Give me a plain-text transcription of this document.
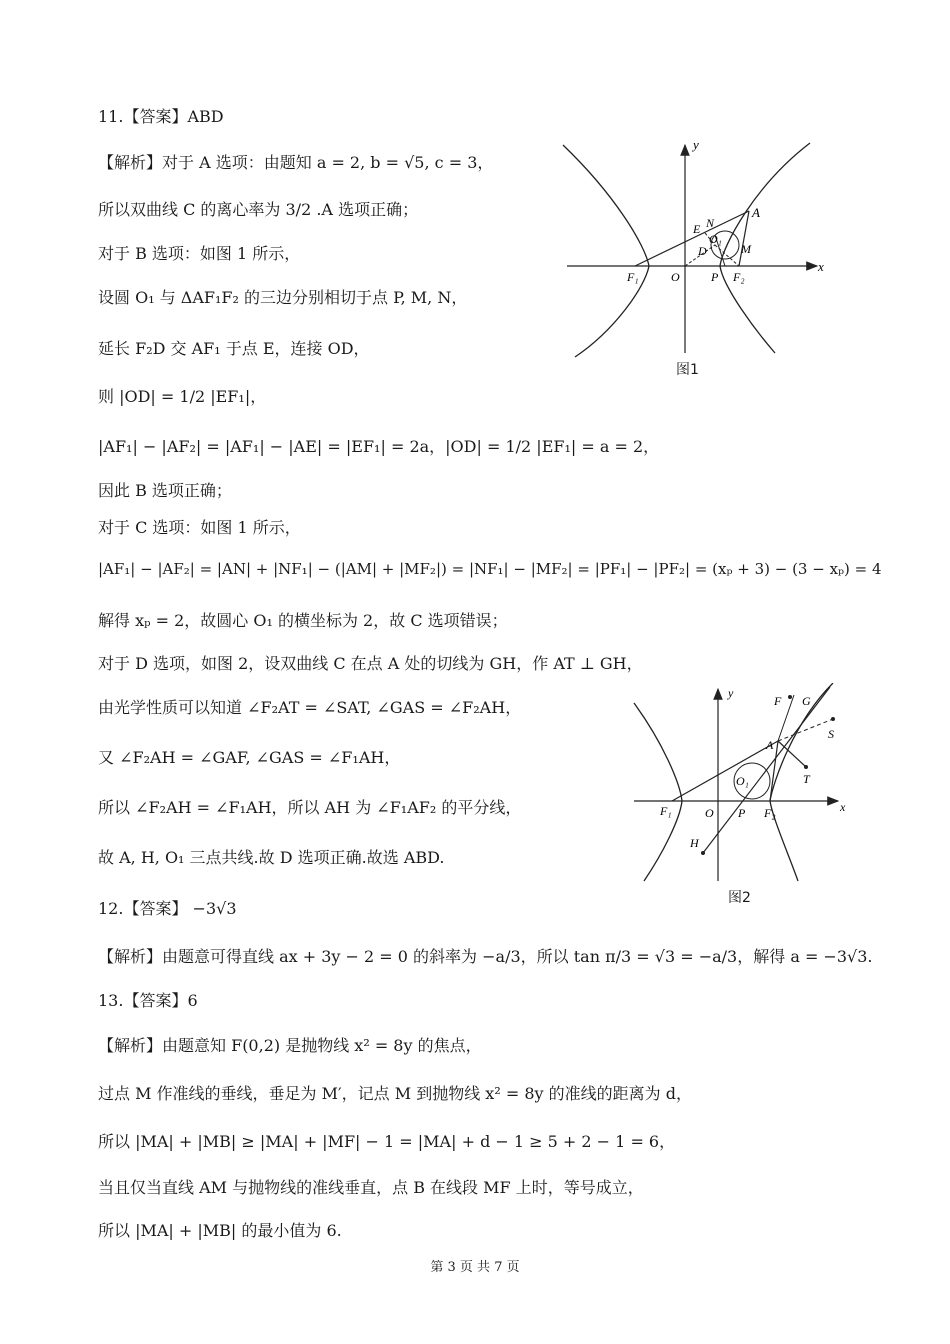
11.【答案】ABD
【解析】对于 A 选项：由题知 a = 2, b = √5, c = 3，
所以双曲线 C 的离心率为 3/2 .A 选项正确；
对于 B 选项：如图 1 所示，
设圆 O₁ 与 ΔAF₁F₂ 的三边分别相切于点 P, M, N，
延长 F₂D 交 AF₁ 于点 E，连接 OD，
则 |OD| = 1/2 |EF₁|，
|AF₁| − |AF₂| = |AF₁| − |AE| = |EF₁| = 2a，|OD| = 1/2 |EF₁| = a = 2，
因此 B 选项正确；
对于 C 选项：如图 1 所示，
|AF₁| − |AF₂| = |AN| + |NF₁| − (|AM| + |MF₂|) = |NF₁| − |MF₂| = |PF₁| − |PF₂| = (xₚ + 3) − (3 − xₚ) = 4
解得 xₚ = 2，故圆心 O₁ 的横坐标为 2，故 C 选项错误；
对于 D 选项，如图 2，设双曲线 C 在点 A 处的切线为 GH，作 AT ⊥ GH，
由光学性质可以知道 ∠F₂AT = ∠SAT, ∠GAS = ∠F₂AH，
又 ∠F₂AH = ∠GAF, ∠GAS = ∠F₁AH，
所以 ∠F₂AH = ∠F₁AH，所以 AH 为 ∠F₁AF₂ 的平分线，
故 A, H, O₁ 三点共线.故 D 选项正确.故选 ABD.
12.【答案】 −3√3
【解析】由题意可得直线 ax + 3y − 2 = 0 的斜率为 −a/3，所以 tan π/3 = √3 = −a/3，解得 a = −3√3.
13.【答案】6
【解析】由题意知 F(0,2) 是抛物线 x² = 8y 的焦点，
过点 M 作准线的垂线，垂足为 M′，记点 M 到抛物线 x² = 8y 的准线的距离为 d，
所以 |MA| + |MB| ≥ |MA| + |MF| − 1 = |MA| + d − 1 ≥ 5 + 2 − 1 = 6，
当且仅当直线 AM 与抛物线的准线垂直，点 B 在线段 MF 上时，等号成立，
所以 |MA| + |MB| 的最小值为 6.
y
x
A
E N
O₁
D	M
F₁	O	P F₂
图1
y
x
F G
S
A
T
O₁
F₁	O P F₂
H
图2
第 3 页 共 7 页
